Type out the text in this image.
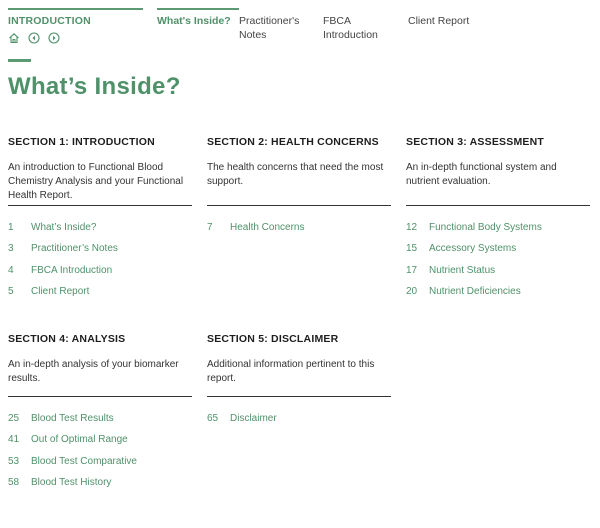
INTRODUCTION	What's Inside? Practitioner's
Notes
FBCA
Introduction
Client Report
What’s Inside?
SECTION 1: INTRODUCTION
An introduction to Functional Blood Chemistry Analysis and your Functional Health Report.
1	What’s Inside?
3	Practitioner’s Notes
4	FBCA Introduction
5	Client Report
SECTION 2: HEALTH CONCERNS
The health concerns that need the most support.
7	Health Concerns
SECTION 3: ASSESSMENT
An in-depth functional system and nutrient evaluation.
12	Functional Body Systems
15	Accessory Systems
17	Nutrient Status
20	Nutrient Deficiencies
SECTION 4: ANALYSIS
An in-depth analysis of your biomarker results.
25	Blood Test Results
41	Out of Optimal Range
53	Blood Test Comparative
58	Blood Test History
SECTION 5: DISCLAIMER
Additional information pertinent to this report.
65	Disclaimer
